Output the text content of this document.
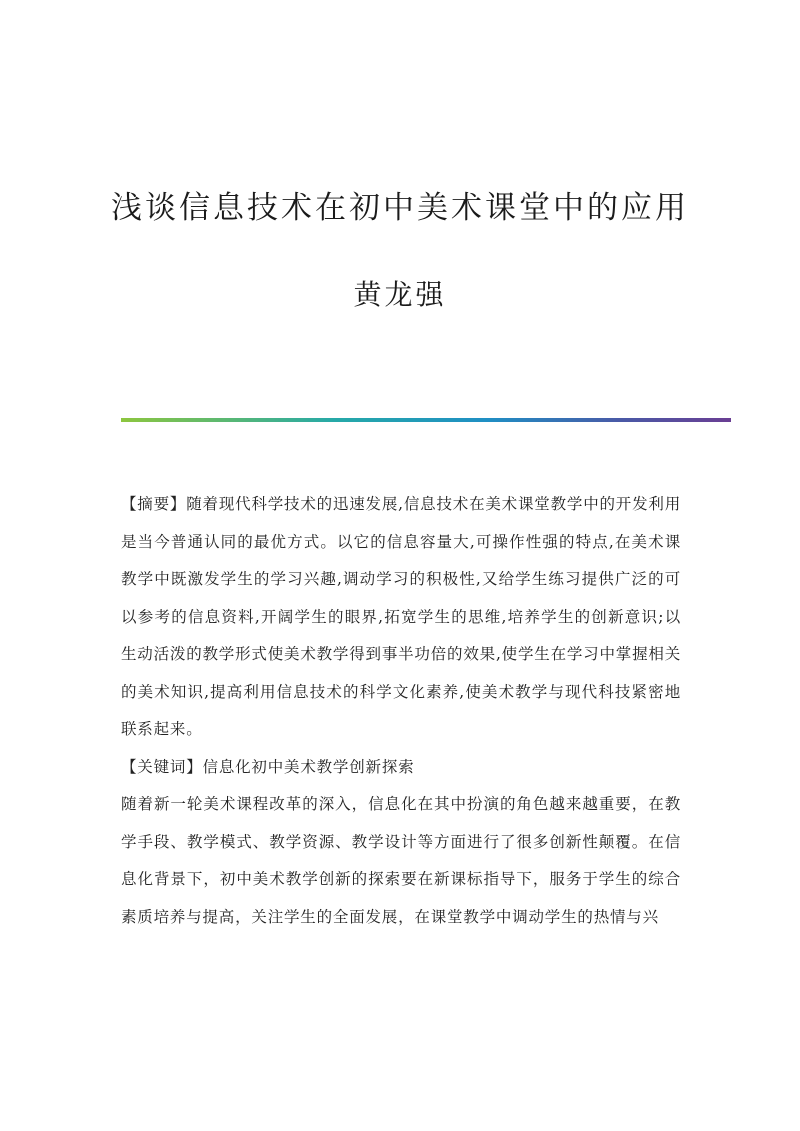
浅谈信息技术在初中美术课堂中的应用
黄龙强

【摘要】随着现代科学技术的迅速发展,信息技术在美术课堂教学中的开发利用是当今普通认同的最优方式。以它的信息容量大,可操作性强的特点,在美术课教学中既激发学生的学习兴趣,调动学习的积极性,又给学生练习提供广泛的可以参考的信息资料,开阔学生的眼界,拓宽学生的思维,培养学生的创新意识;以生动活泼的教学形式使美术教学得到事半功倍的效果,使学生在学习中掌握相关的美术知识,提高利用信息技术的科学文化素养,使美术教学与现代科技紧密地联系起来。

【关键词】信息化初中美术教学创新探索

随着新一轮美术课程改革的深入，信息化在其中扮演的角色越来越重要，在教学手段、教学模式、教学资源、教学设计等方面进行了很多创新性颠覆。在信息化背景下，初中美术教学创新的探索要在新课标指导下，服务于学生的综合素质培养与提高，关注学生的全面发展，在课堂教学中调动学生的热情与兴
